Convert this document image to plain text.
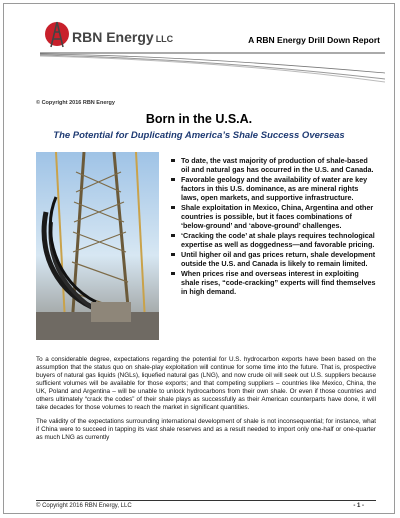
RBN Energy LLC	A RBN Energy Drill Down Report
© Copyright 2016 RBN Energy
Born in the U.S.A.
The Potential for Duplicating America’s Shale Success Overseas
To date, the vast majority of production of shale-based oil and natural gas has occurred in the U.S. and Canada.
Favorable geology and the availability of water are key factors in this U.S. dominance, as are mineral rights laws, open markets, and supportive infrastructure.
Shale exploitation in Mexico, China, Argentina and other countries is possible, but it faces combinations of ‘below-ground’ and ‘above-ground’ challenges.
‘Cracking the code’ at shale plays requires technological expertise as well as doggedness—and favorable pricing.
Until higher oil and gas prices return, shale development outside the U.S. and Canada is likely to remain limited.
When prices rise and overseas interest in exploiting shale rises, “code-cracking” experts will find themselves in high demand.

To a considerable degree, expectations regarding the potential for U.S. hydrocarbon exports have been based on the assumption that the status quo on shale-play exploitation will continue for some time into the future. That is, prospective buyers of natural gas liquids (NGLs), liquefied natural gas (LNG), and now crude oil will seek out U.S. suppliers because sufficient volumes will be available for those exports; and that competing suppliers – countries like Mexico, China, the UK, Poland and Argentina – will be unable to unlock hydrocarbons from their own shale. Or even if those countries and others ultimately “crack the codes” of their shale plays as successfully as their American counterparts have done, it will take decades for those volumes to reach the market in significant quantities.

The validity of the expectations surrounding international development of shale is not inconsequential; for instance, what if China were to succeed in tapping its vast shale reserves and as a result needed to import only one-half or one-quarter as much LNG as currently

© Copyright 2016 RBN Energy, LLC	- 1 -
